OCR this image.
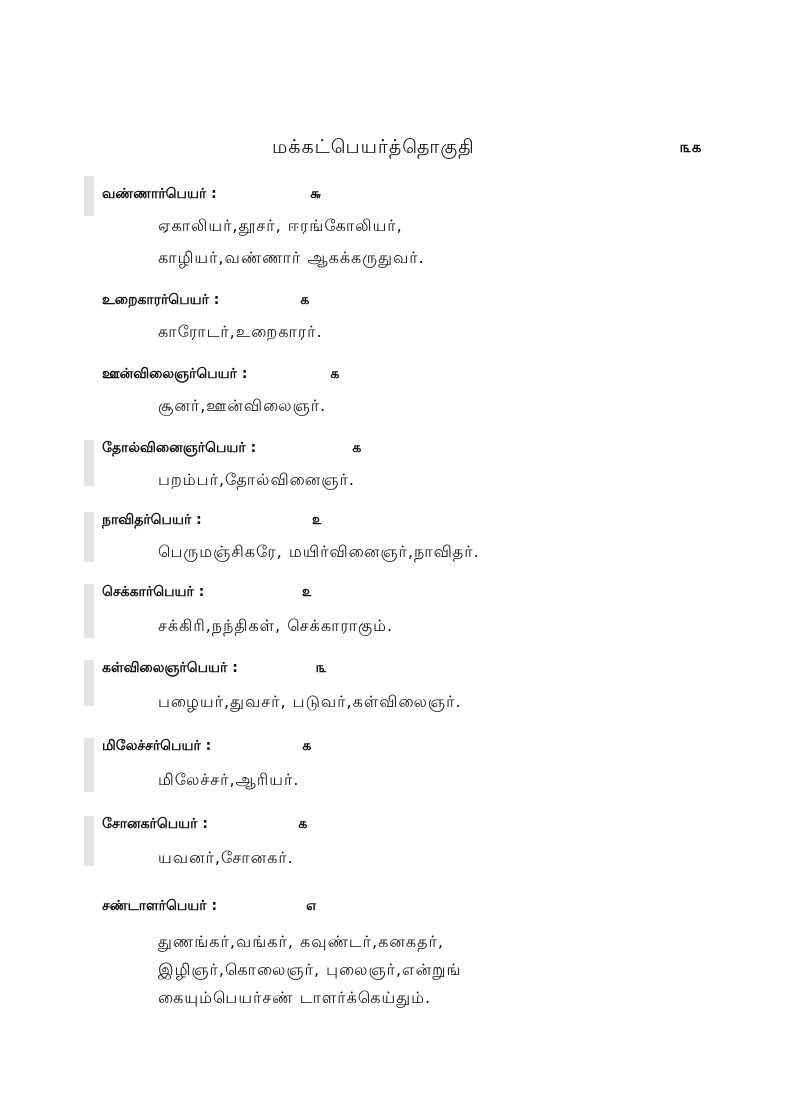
மக்கட்பெயர்த்தொகுதி	௩௧
வண்ணார்பெயர் :	௬
ஏகாலியர்,தூசர், ஈரங்கோலியர்,
காழியர்,வண்ணார் ஆகக்கருதுவர்.
உறைகாரர்பெயர் :	௧
காரோடர்,உறைகாரர்.
ஊன்விலைஞர்பெயர் :	௧
சூனர்,ஊன்விலைஞர்.
தோல்வினைஞர்பெயர் :	௧
பறம்பர்,தோல்வினைஞர்.
நாவிதர்பெயர் :	௨
பெருமஞ்சிகரே, மயிர்வினைஞர்,நாவிதர்.
செக்கார்பெயர் :	௨
சக்கிரி,நந்திகள், செக்காராகும்.
கள்விலைஞர்பெயர் :	௩
பழையர்,துவசர், படுவர்,கள்விலைஞர்.
மிலேச்சர்பெயர் :	௧
மிலேச்சர்,ஆரியர்.
சோனகர்பெயர் :	௧
யவனர்,சோனகர்.
சண்டாளர்பெயர் :	௭
துணங்கர்,வங்கர், கவுண்டர்,கனகதர்,
இழிஞர்,கொலைஞர், புலைஞர்,என்றுங்
கையும்பெயர்சண் டாளர்க்கெய்தும்.
